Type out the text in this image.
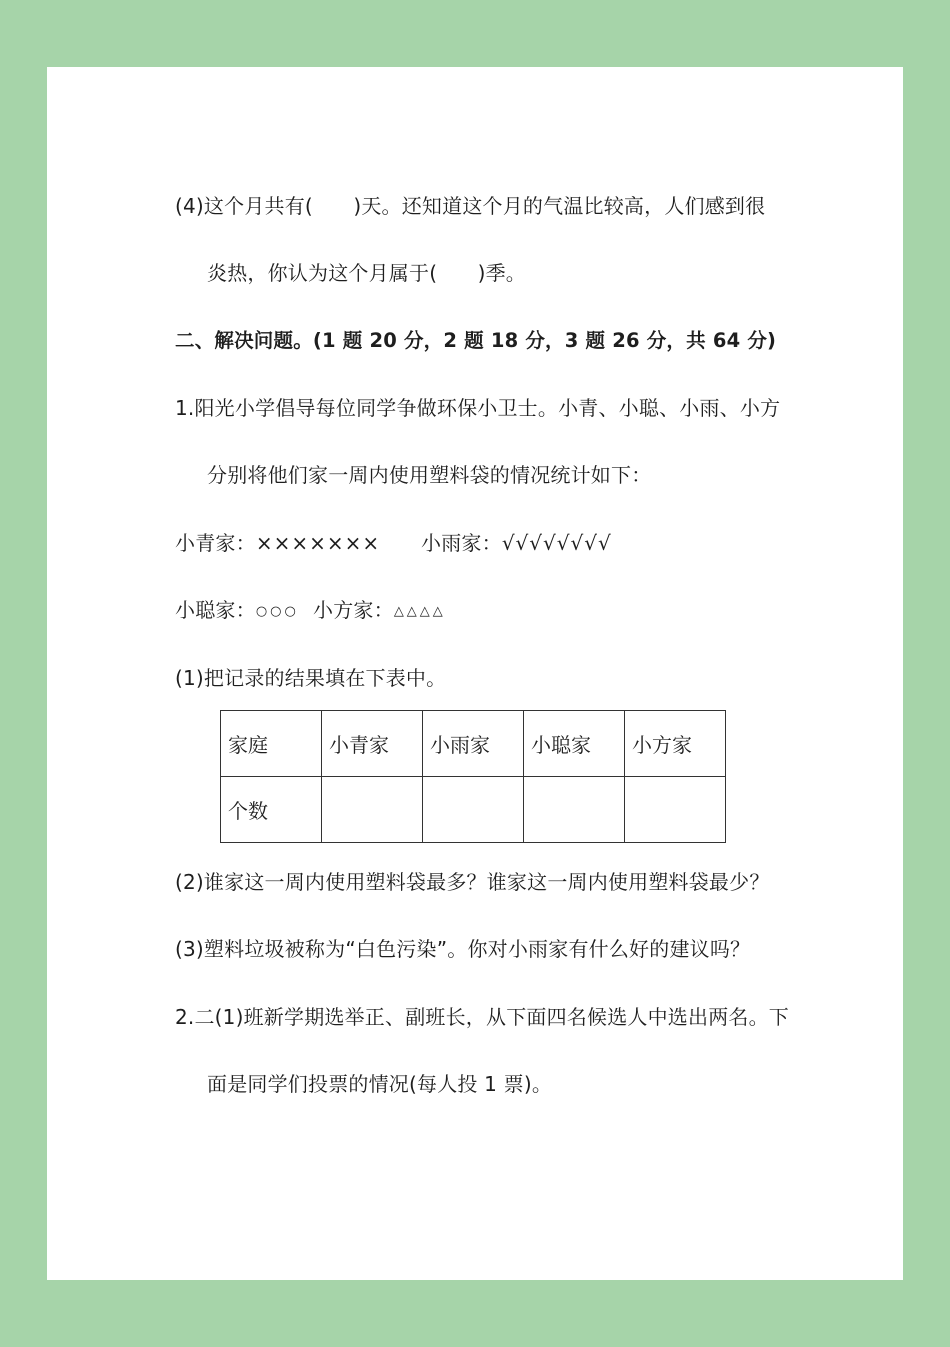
(4)这个月共有(　　)天。还知道这个月的气温比较高，人们感到很
炎热，你认为这个月属于(　　)季。
二、解决问题。(1 题 20 分，2 题 18 分，3 题 26 分，共 64 分)
1.阳光小学倡导每位同学争做环保小卫士。小青、小聪、小雨、小方
分别将他们家一周内使用塑料袋的情况统计如下：
小青家：××××××× 小雨家：√√√√√√√√
小聪家：○○○ 小方家：△△△△
(1)把记录的结果填在下表中。
家庭	小青家	小雨家	小聪家	小方家
个数				
(2)谁家这一周内使用塑料袋最多？谁家这一周内使用塑料袋最少？
(3)塑料垃圾被称为“白色污染”。你对小雨家有什么好的建议吗？
2.二(1)班新学期选举正、副班长，从下面四名候选人中选出两名。下
面是同学们投票的情况(每人投 1 票)。
